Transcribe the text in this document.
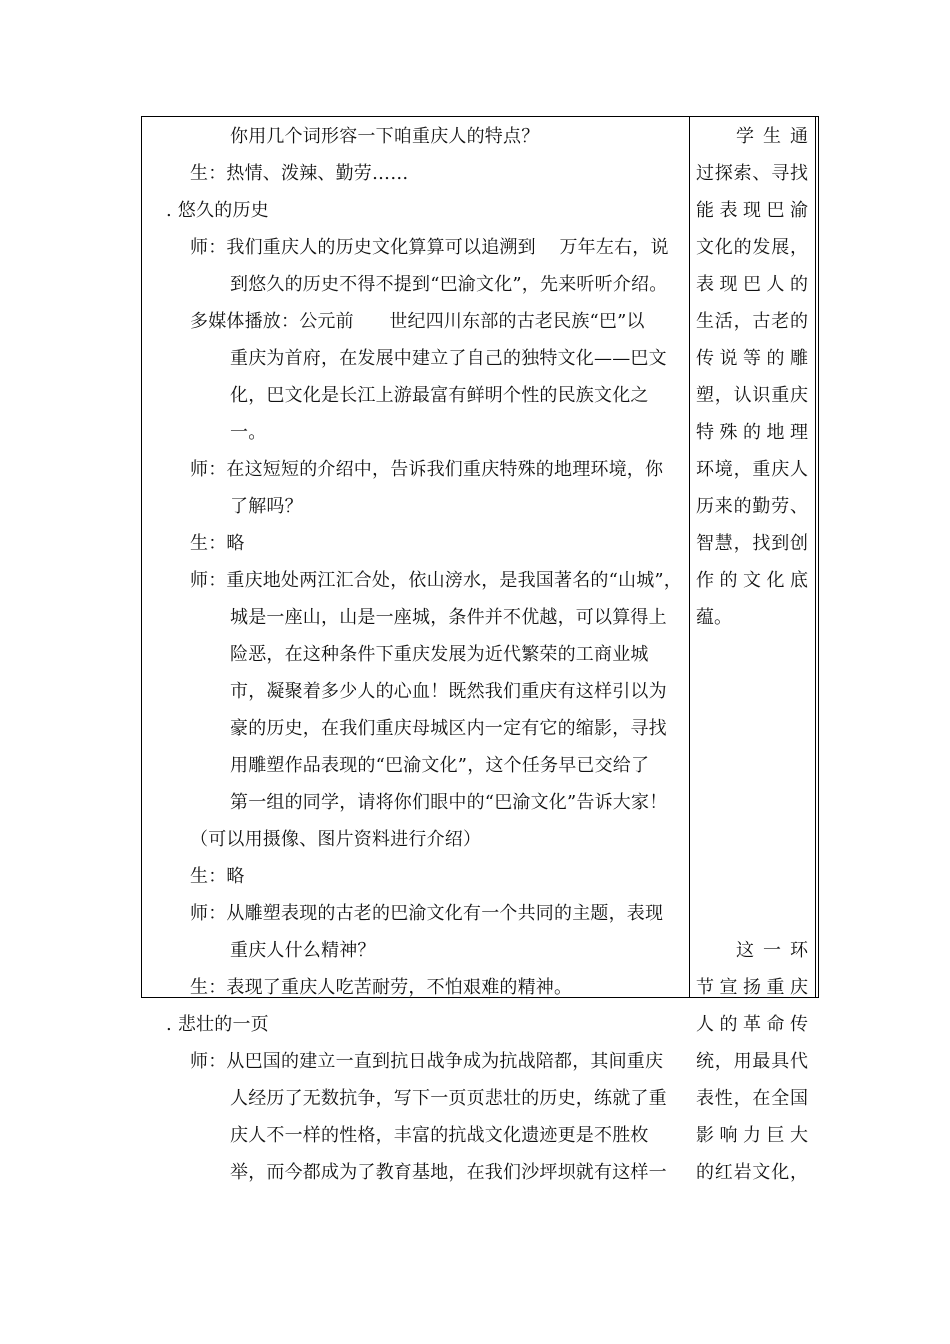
你用几个词形容一下咱重庆人的特点？
生：热情、泼辣、勤劳……
. 悠久的历史
师：我们重庆人的历史文化算算可以追溯到    万年左右，说
到悠久的历史不得不提到“巴渝文化”，先来听听介绍。
多媒体播放：公元前      世纪四川东部的古老民族“巴”以
重庆为首府，在发展中建立了自己的独特文化——巴文
化，巴文化是长江上游最富有鲜明个性的民族文化之
一。
师：在这短短的介绍中，告诉我们重庆特殊的地理环境，你
了解吗？
生：略
师：重庆地处两江汇合处，依山滂水，是我国著名的“山城”，
城是一座山，山是一座城，条件并不优越，可以算得上
险恶，在这种条件下重庆发展为近代繁荣的工商业城
市，凝聚着多少人的心血！既然我们重庆有这样引以为
豪的历史，在我们重庆母城区内一定有它的缩影，寻找
用雕塑作品表现的“巴渝文化”，这个任务早已交给了
第一组的同学，请将你们眼中的“巴渝文化”告诉大家！
（可以用摄像、图片资料进行介绍）
生：略
师：从雕塑表现的古老的巴渝文化有一个共同的主题，表现
重庆人什么精神？
生：表现了重庆人吃苦耐劳，不怕艰难的精神。
. 悲壮的一页
师：从巴国的建立一直到抗日战争成为抗战陪都，其间重庆
人经历了无数抗争，写下一页页悲壮的历史，练就了重
庆人不一样的性格，丰富的抗战文化遗迹更是不胜枚
举，而今都成为了教育基地，在我们沙坪坝就有这样一
学生通
过探索、寻找
能表现巴渝
文化的发展，
表现巴人的
生活，古老的
传说等的雕
塑，认识重庆
特殊的地理
环境，重庆人
历来的勤劳、
智慧，找到创
作的文化底
蕴。
这一环
节宣扬重庆
人的革命传
统，用最具代
表性，在全国
影响力巨大
的红岩文化，
